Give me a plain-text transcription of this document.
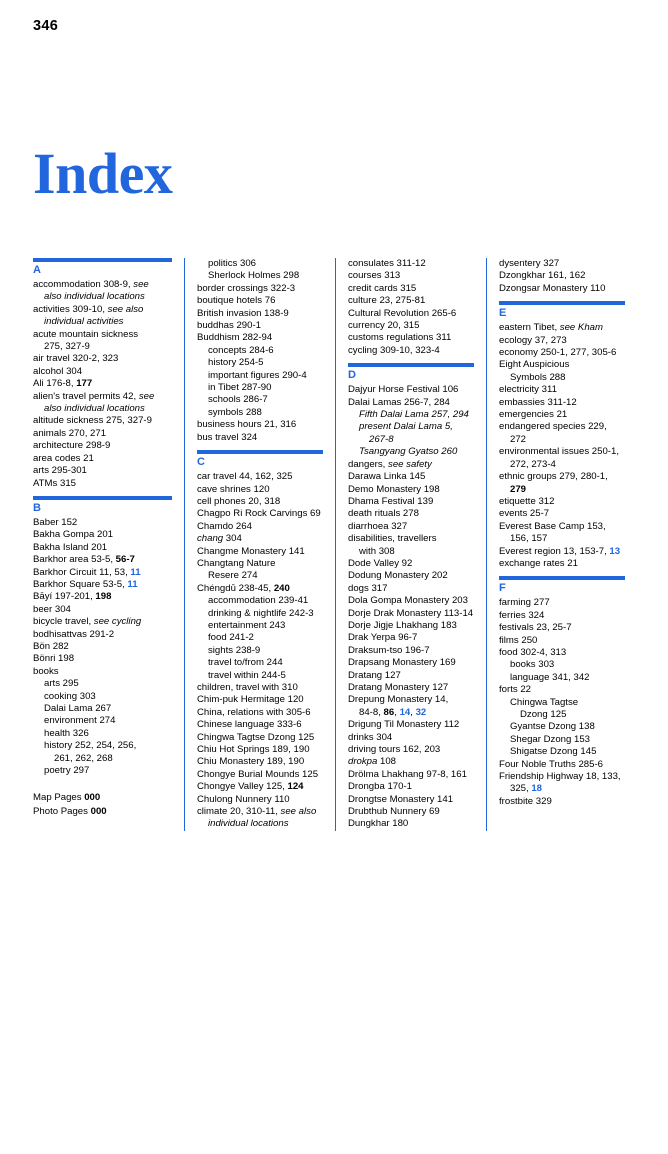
346
Index
A
accommodation 308-9, see
also individual locations
activities 309-10, see also
individual activities
acute mountain sickness
275, 327-9
air travel 320-2, 323
alcohol 304
Ali 176-8, 177
alien's travel permits 42, see
also individual locations
altitude sickness 275, 327-9
animals 270, 271
architecture 298-9
area codes 21
arts 295-301
ATMs 315
B
Baber 152
Bakha Gompa 201
Bakha Island 201
Barkhor area 53-5, 56-7
Barkhor Circuit 11, 53, 11
Barkhor Square 53-5, 11
Bāyí 197-201, 198
beer 304
bicycle travel, see cycling
bodhisattvas 291-2
Bön 282
Bönri 198
books
arts 295
cooking 303
Dalai Lama 267
environment 274
health 326
history 252, 254, 256,
261, 262, 268
poetry 297
Map Pages 000
Photo Pages 000
politics 306
Sherlock Holmes 298
border crossings 322-3
boutique hotels 76
British invasion 138-9
buddhas 290-1
Buddhism 282-94
concepts 284-6
history 254-5
important figures 290-4
in Tibet 287-90
schools 286-7
symbols 288
business hours 21, 316
bus travel 324
C
car travel 44, 162, 325
cave shrines 120
cell phones 20, 318
Chagpo Ri Rock Carvings 69
Chamdo 264
chang 304
Changme Monastery 141
Changtang Nature
Resere 274
Chéngdū 238-45, 240
accommodation 239-41
drinking & nightlife 242-3
entertainment 243
food 241-2
sights 238-9
travel to/from 244
travel within 244-5
children, travel with 310
Chim-puk Hermitage 120
China, relations with 305-6
Chinese language 333-6
Chingwa Tagtse Dzong 125
Chiu Hot Springs 189, 190
Chiu Monastery 189, 190
Chongye Burial Mounds 125
Chongye Valley 125, 124
Chulong Nunnery 110
climate 20, 310-11, see also
individual locations
consulates 311-12
courses 313
credit cards 315
culture 23, 275-81
Cultural Revolution 265-6
currency 20, 315
customs regulations 311
cycling 309-10, 323-4
D
Dajyur Horse Festival 106
Dalai Lamas 256-7, 284
Fifth Dalai Lama 257, 294
present Dalai Lama 5,
267-8
Tsangyang Gyatso 260
dangers, see safety
Darawa Linka 145
Demo Monastery 198
Dhama Festival 139
death rituals 278
diarrhoea 327
disabilities, travellers
with 308
Dode Valley 92
Dodung Monastery 202
dogs 317
Dola Gompa Monastery 203
Dorje Drak Monastery 113-14
Dorje Jigje Lhakhang 183
Drak Yerpa 96-7
Draksum-tso 196-7
Drapsang Monastery 169
Dratang 127
Dratang Monastery 127
Drepung Monastery 14,
84-8, 86, 14, 32
Drigung Til Monastery 112
drinks 304
driving tours 162, 203
drokpa 108
Drölma Lhakhang 97-8, 161
Drongba 170-1
Drongtse Monastery 141
Drubthub Nunnery 69
Dungkhar 180
dysentery 327
Dzongkhar 161, 162
Dzongsar Monastery 110
E
eastern Tibet, see Kham
ecology 37, 273
economy 250-1, 277, 305-6
Eight Auspicious
Symbols 288
electricity 311
embassies 311-12
emergencies 21
endangered species 229,
272
environmental issues 250-1,
272, 273-4
ethnic groups 279, 280-1,
279
etiquette 312
events 25-7
Everest Base Camp 153,
156, 157
Everest region 13, 153-7, 13
exchange rates 21
F
farming 277
ferries 324
festivals 23, 25-7
films 250
food 302-4, 313
books 303
language 341, 342
forts 22
Chingwa Tagtse
Dzong 125
Gyantse Dzong 138
Shegar Dzong 153
Shigatse Dzong 145
Four Noble Truths 285-6
Friendship Highway 18, 133,
325, 18
frostbite 329
